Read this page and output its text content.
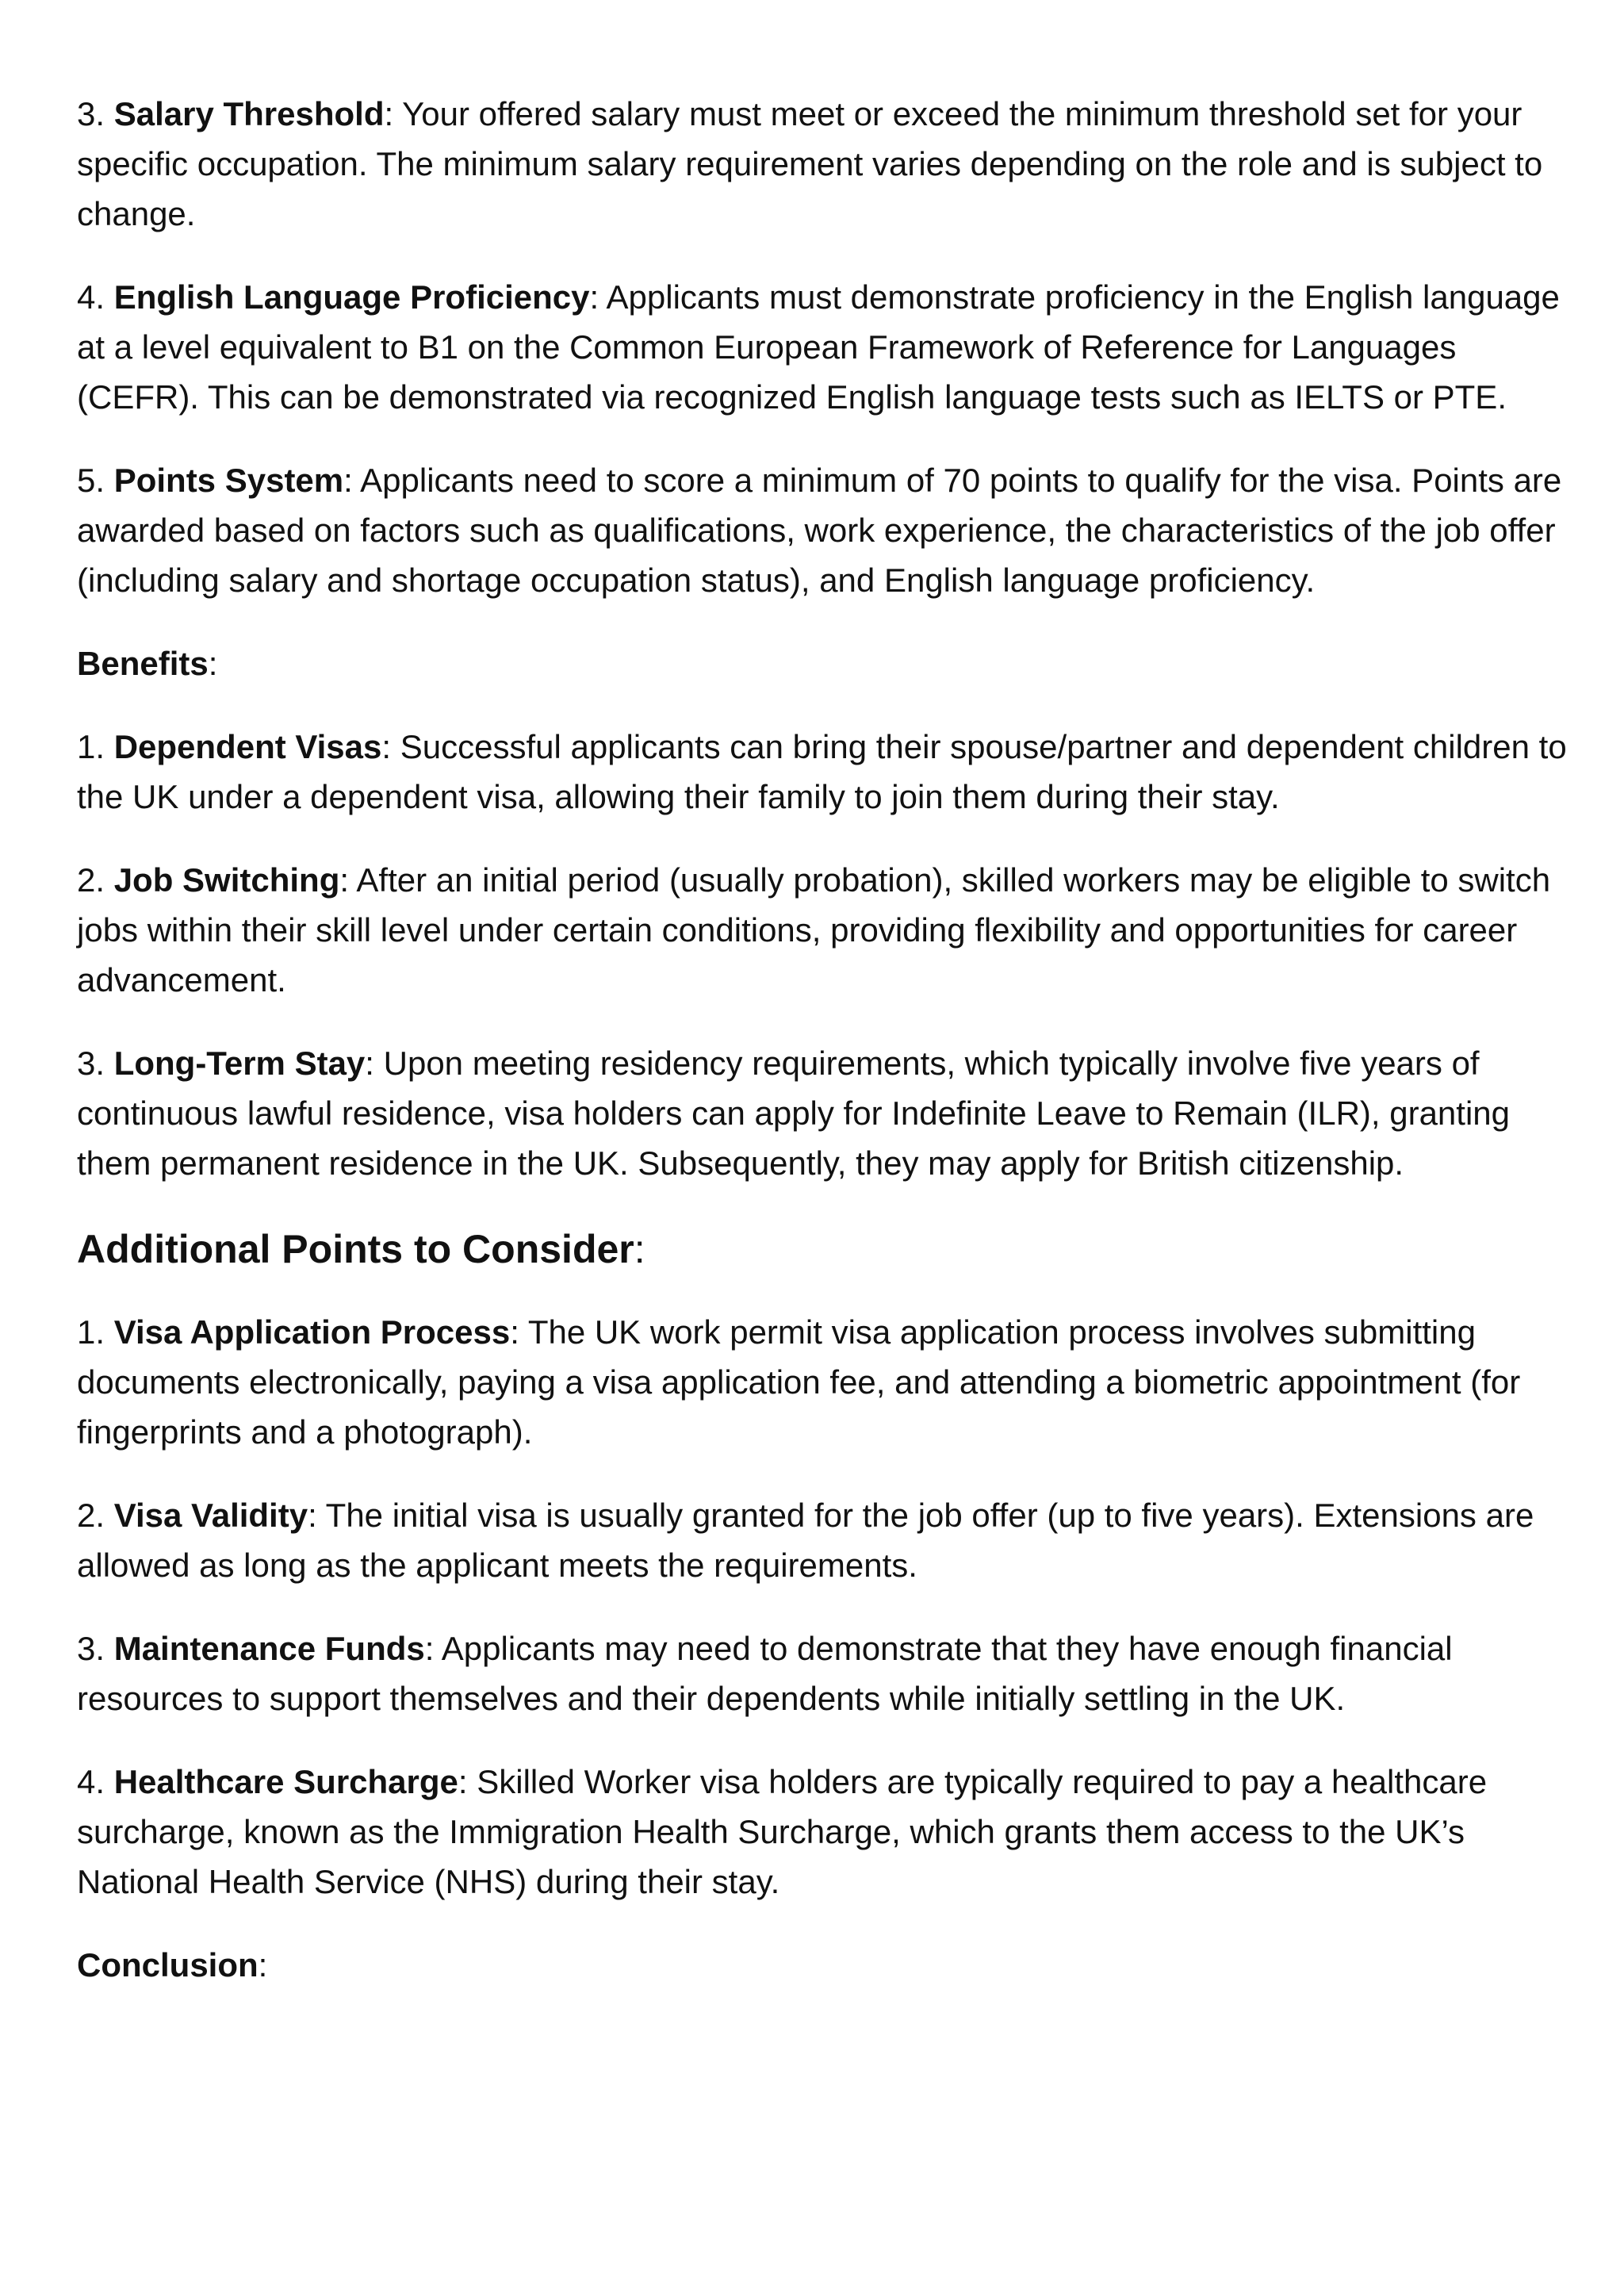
3. Salary Threshold: Your offered salary must meet or exceed the minimum threshold set for your specific occupation. The minimum salary requirement varies depending on the role and is subject to change.

4. English Language Proficiency: Applicants must demonstrate proficiency in the English language at a level equivalent to B1 on the Common European Framework of Reference for Languages (CEFR). This can be demonstrated via recognized English language tests such as IELTS or PTE.

5. Points System: Applicants need to score a minimum of 70 points to qualify for the visa. Points are awarded based on factors such as qualifications, work experience, the characteristics of the job offer (including salary and shortage occupation status), and English language proficiency.

Benefits:

1. Dependent Visas: Successful applicants can bring their spouse/partner and dependent children to the UK under a dependent visa, allowing their family to join them during their stay.

2. Job Switching: After an initial period (usually probation), skilled workers may be eligible to switch jobs within their skill level under certain conditions, providing flexibility and opportunities for career advancement.

3. Long-Term Stay: Upon meeting residency requirements, which typically involve five years of continuous lawful residence, visa holders can apply for Indefinite Leave to Remain (ILR), granting them permanent residence in the UK. Subsequently, they may apply for British citizenship.

Additional Points to Consider:

1. Visa Application Process: The UK work permit visa application process involves submitting documents electronically, paying a visa application fee, and attending a biometric appointment (for fingerprints and a photograph).

2. Visa Validity: The initial visa is usually granted for the job offer (up to five years). Extensions are allowed as long as the applicant meets the requirements.

3. Maintenance Funds: Applicants may need to demonstrate that they have enough financial resources to support themselves and their dependents while initially settling in the UK.

4. Healthcare Surcharge: Skilled Worker visa holders are typically required to pay a healthcare surcharge, known as the Immigration Health Surcharge, which grants them access to the UK’s National Health Service (NHS) during their stay.

Conclusion:
